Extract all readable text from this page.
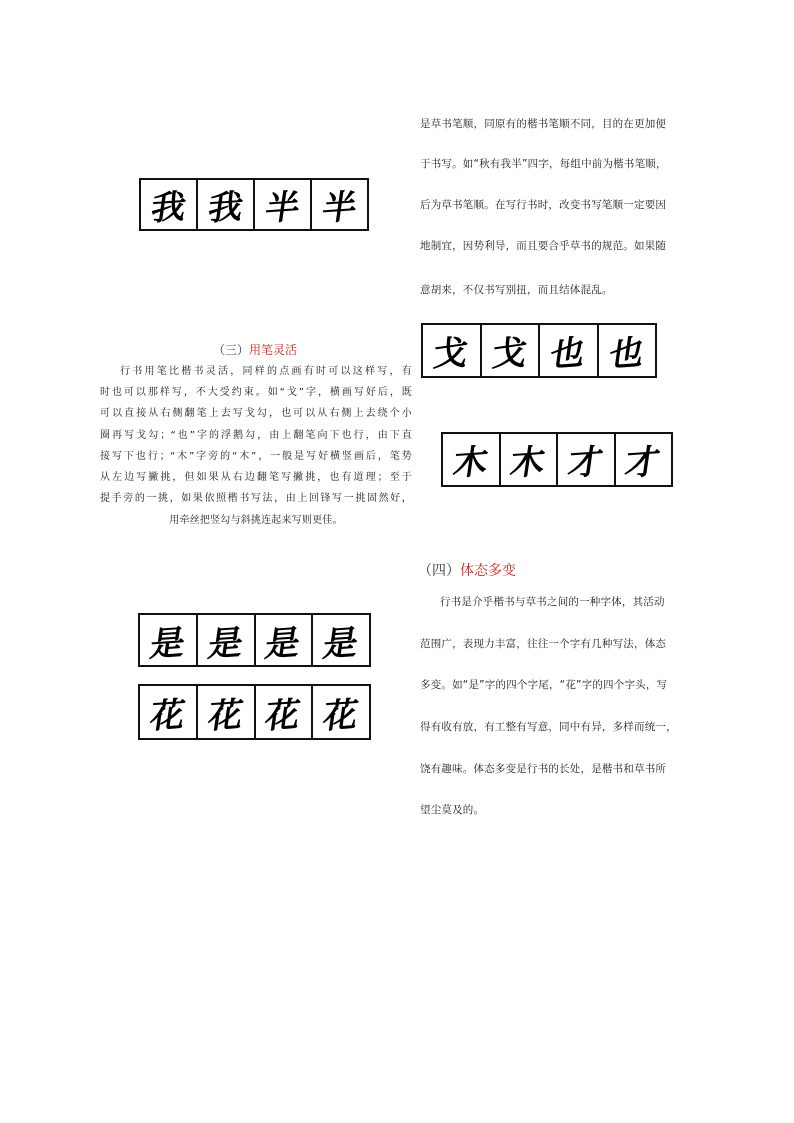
我 我 半 半
是草书笔顺，同原有的楷书笔顺不同，目的在更加便
于书写。如“秋有我半”四字，每组中前为楷书笔顺，
后为草书笔顺。在写行书时，改变书写笔顺一定要因
地制宜，因势利导，而且要合乎草书的规范。如果随
意胡来，不仅书写别扭，而且结体混乱。
（三）用笔灵活
行书用笔比楷书灵活，同样的点画有时可以这样写，有
时也可以那样写，不大受约束。如“戈”字，横画写好后，既
可以直接从右侧翻笔上去写戈勾，也可以从右侧上去绕个小
圈再写戈勾；“也”字的浮鹅勾，由上翻笔向下也行，由下直
接写下也行；“木”字旁的“木”，一般是写好横竖画后，笔势
从左边写撇挑，但如果从右边翻笔写撇挑，也有道理；至于
提手旁的一挑，如果依照楷书写法，由上回锋写一挑固然好，
用牵丝把竖勾与斜挑连起来写则更佳。
戈 戈 也 也
木 木 才 才
（四）体态多变
行书是介乎楷书与草书之间的一种字体，其活动
范围广，表现力丰富，往往一个字有几种写法，体态
多变。如“是”字的四个字尾，“花”字的四个字头，写
得有收有放，有工整有写意，同中有异，多样而统一，
饶有趣味。体态多变是行书的长处，是楷书和草书所
望尘莫及的。
是 是 是 是
花 花 花 花
